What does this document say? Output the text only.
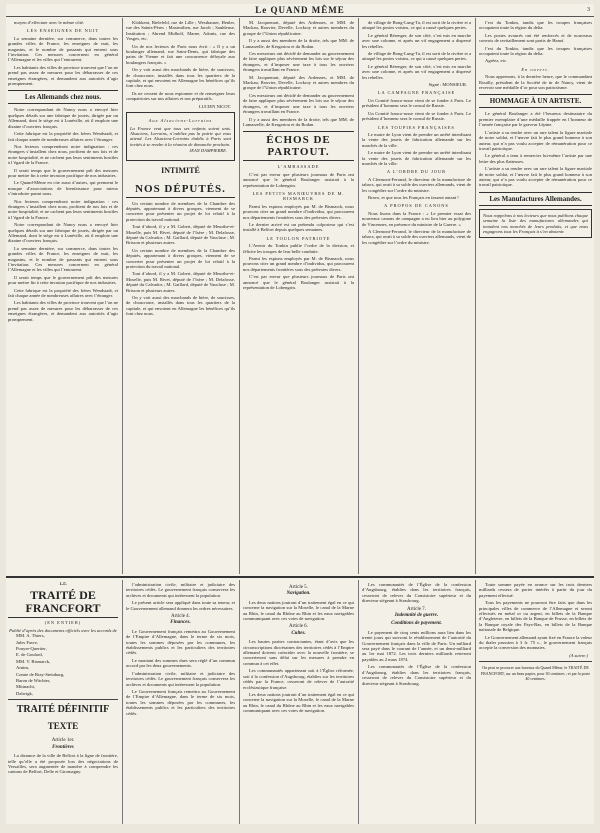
Le QUAND MÊME	3

moyen d’effectuer avec le même côté.

LES ENSEIGNES DE NUIT

La semaine dernière, sur commerce, dans toutes les grandes villes de France, les enseignes de nuit, les magasins, et le nombre de passants qui entrent sous l’invitation. Ces mesures concernent en général l’Allemagne et les villes qui l’entourent.

Les habitants des villes de province trouvent que l’on ne prend pas assez de mesures pour les débarrasser de ces enseignes étrangères, et demandent aux autorités d’agir promptement.

Les Allemands chez nous.

Notre correspondant de Nancy nous a envoyé hier quelques détails sur une fabrique de jouets, dirigée par un Allemand, dont le siège est à Lunéville, où il emploie une dizaine d’ouvriers français.

Cette fabrique est la propriété des frères Wendstadt, et fait chaque année de nombreuses affaires avec l’étranger.

Nos lecteurs comprendront notre indignation : ces étrangers s’installent chez nous, profitent de nos lois et de notre hospitalité, et ne cachent pas leurs sentiments hostiles à l’égard de la France.

Il serait temps que le gouvernement prît des mesures pour mettre fin à cette invasion pacifique de nos industries.

Le Quand-Même en cite aussi d’autres, qui prennent le masque d’associations de bienfaisance pour mieux s’introduire parmi nous.

Nos lecteurs comprendront notre indignation : ces étrangers s’installent chez nous, profitent de nos lois et de notre hospitalité, et ne cachent pas leurs sentiments hostiles à l’égard de la France.

Notre correspondant de Nancy nous a envoyé hier quelques détails sur une fabrique de jouets, dirigée par un Allemand, dont le siège est à Lunéville, où il emploie une dizaine d’ouvriers français.

La semaine dernière, sur commerce, dans toutes les grandes villes de France, les enseignes de nuit, les magasins, et le nombre de passants qui entrent sous l’invitation. Ces mesures concernent en général l’Allemagne et les villes qui l’entourent.

Il serait temps que le gouvernement prît des mesures pour mettre fin à cette invasion pacifique de nos industries.

Cette fabrique est la propriété des frères Wendstadt, et fait chaque année de nombreuses affaires avec l’étranger.

Les habitants des villes de province trouvent que l’on ne prend pas assez de mesures pour les débarrasser de ces enseignes étrangères, et demandent aux autorités d’agir promptement.

Klokkeni, Bielefeld, rue de Lille ; Westhauser, Henler, rue des Saints-Pères ; Maximilien, rue Jacob ; Sauhleuse, Institution ; Ahrend Midholf, Marne, Adonis, rue des Vosges, etc.

Un de nos lecteurs de Paris nous écrit : « Il y a un boulanger allemand, rue Saint-Denis, qui fabrique des pains de Vienne et fait une concurrence déloyale aux boulangers français. »

On y voit aussi des marchands de bière, de saucisses, de choucroute, installés dans tous les quartiers de la capitale, et qui envoient en Allemagne les bénéfices qu’ils font chez nous.

Ils ne cessent de nous espionner et de renseigner leurs compatriotes sur nos affaires et nos préparatifs.

LUCIEN NICOT.
Aux Alsaciens-Lorrains
La France veut que tous ses enfants soient unis. Alsaciens, Lorrains, n’oubliez pas la patrie qui vous attend. Les Alsaciens-Lorrains établis à Paris sont invités à se rendre à la réunion de dimanche prochain.
JEAN DAMPIERRE.
INTIMITÉ
NOS DÉPUTÉS.

Un certain nombre de membres de la Chambre des députés, appartenant à divers groupes, viennent de se concerter pour présenter un projet de loi relatif à la protection du travail national.

Tout d’abord, il y a M. Gobert, député de Meurthe-et-Moselle, puis M. Rivet, député de l’Isère ; M. Delafosse, député du Calvados ; M. Gaillard, député de Vaucluse ; M. Brisson et plusieurs autres.

Un certain nombre de membres de la Chambre des députés, appartenant à divers groupes, viennent de se concerter pour présenter un projet de loi relatif à la protection du travail national.

Tout d’abord, il y a M. Gobert, député de Meurthe-et-Moselle, puis M. Rivet, député de l’Isère ; M. Delafosse, député du Calvados ; M. Gaillard, député de Vaucluse ; M. Brisson et plusieurs autres.

On y voit aussi des marchands de bière, de saucisses, de choucroute, installés dans tous les quartiers de la capitale, et qui envoient en Allemagne les bénéfices qu’ils font chez nous.

M. Jacquemart, député des Ardennes, et MM. de Mackau, Rouvier, Develle, Lockroy et autres membres du groupe de l’Union républicaine.

Il y a aussi des membres de la droite, tels que MM. de Lamarzelle, de Kergariou et du Bodan.

Ces messieurs ont décidé de demander au gouvernement de faire appliquer plus sévèrement les lois sur le séjour des étrangers, et d’imposer une taxe à tous les ouvriers étrangers travaillant en France.

M. Jacquemart, député des Ardennes, et MM. de Mackau, Rouvier, Develle, Lockroy et autres membres du groupe de l’Union républicaine.

Ces messieurs ont décidé de demander au gouvernement de faire appliquer plus sévèrement les lois sur le séjour des étrangers, et d’imposer une taxe à tous les ouvriers étrangers travaillant en France.

Il y a aussi des membres de la droite, tels que MM. de Lamarzelle, de Kergariou et du Bodan.

ÉCHOS DE PARTOUT.
L’AMBASSADE

C’est par erreur que plusieurs journaux de Paris ont annoncé que le général Boulanger assistait à la représentation de Lohengrin.

LES PETITS MANŒUVRES DE M. BISMARCK

Parmi les espions employés par M. de Bismarck, nous pouvons citer un grand nombre d’individus, qui parcourent nos départements frontières sous des prétextes divers.

Le dernier arrivé est un prétendu colporteur qui s’est installé à Belfort depuis quelques semaines.

LE TOULON PATRIOTE

L’Avenir du Tonkin publie l’ordre de la division, et félicite les troupes de leur belle conduite.

Parmi les espions employés par M. de Bismarck, nous pouvons citer un grand nombre d’individus, qui parcourent nos départements frontières sous des prétextes divers.

C’est par erreur que plusieurs journaux de Paris ont annoncé que le général Boulanger assistait à la représentation de Lohengrin.

de village de Bong-Lung-Ta, il est sorti de la rivière et a attaqué les postes voisins, ce qui a causé quelques pertes.

Le général Bérenger, de son côté, s’est mis en marche avec une colonne, et après un vif engagement a dispersé les rebelles.

de village de Bong-Lung-Ta, il est sorti de la rivière et a attaqué les postes voisins, ce qui a causé quelques pertes.

Le général Bérenger, de son côté, s’est mis en marche avec une colonne, et après un vif engagement a dispersé les rebelles.

Signé : MONSIEUR.
LA CAMPAGNE FRANÇAISE

Un Comité franco-russe vient de se fonder à Paris. Le président d’honneur sera le consul de Russie.

Un Comité franco-russe vient de se fonder à Paris. Le président d’honneur sera le consul de Russie.

LES TOUPIES FRANÇAISES

Le maire de Lyon vient de prendre un arrêté interdisant la vente des jouets de fabrication allemande sur les marchés de la ville.

Le maire de Lyon vient de prendre un arrêté interdisant la vente des jouets de fabrication allemande sur les marchés de la ville.

A L’ORDRE DU JOUR

A Clermont-Ferrand, le directeur de la manufacture de tabacs, qui avait à sa solde des ouvriers allemands, vient de les congédier sur l’ordre du ministre.

Bravo, et que tous les Français en fassent autant !

A PROPOS DE CANONS

Nous lisons dans la France : « Le premier essai des nouveaux canons de campagne a eu lieu hier au polygone de Vincennes, en présence du ministre de la Guerre. »

A Clermont-Ferrand, le directeur de la manufacture de tabacs, qui avait à sa solde des ouvriers allemands, vient de les congédier sur l’ordre du ministre.

l’est du Tonkin, tandis que les troupes françaises occupaient toute la région du delta.

Les postes avancés ont été renforcés et de nouveaux convois de ravitaillement sont partis de Hanoï.

l’est du Tonkin, tandis que les troupes françaises occupaient toute la région du delta.

Agréez, etc.

En ouvert.

Nous apprenons, à la dernière heure, que le commandant Rouilly, président de la Société de tir de Nancy, vient de recevoir une médaille d’or pour son patriotisme.

HOMMAGE À UN ARTISTE.

Le général Boulanger a été l’heureux destinataire du premier exemplaire d’une médaille frappée en l’honneur de l’armée française par le graveur Lépine.

L’artiste a su rendre avec un rare talent la figure martiale de notre soldat, et l’œuvre fait le plus grand honneur à son auteur, qui n’a pas voulu accepter de rémunération pour ce travail patriotique.

Le général a tenu à remercier lui-même l’artiste par une lettre des plus flatteuses.

L’artiste a su rendre avec un rare talent la figure martiale de notre soldat, et l’œuvre fait le plus grand honneur à son auteur, qui n’a pas voulu accepter de rémunération pour ce travail patriotique.

Les Manufactures Allemandes.
Nous rappelons à nos lecteurs que nous publions chaque semaine la liste des manufactures allemandes qui inondent nos marchés de leurs produits, et que nous engageons tous les Français à s’en abstenir.
LE
TRAITÉ DE FRANCFORT
(EN ENTIER)
Publié d’après des documents officiels avec les accords de

MM. A. Thiers,

Jules Favre,

Pouyer-Quertier,

E. de Goulard,

MM. V. Bismarck,

Arnim,

Comte de Bray-Steinburg,

Baron de Wächter,

Mittnacht,

Dalwigk,

TRAITÉ DÉFINITIF
TEXTE
Article 1er.
Frontières

La distance de la ville de Belfort à la ligne de frontière, telle qu’elle a été proposée lors des négociations de Versailles, sera augmentée de manière à comprendre les cantons de Belfort, Delle et Giromagny.

l’administration civile, militaire et judiciaire des territoires cédés. Le gouvernement français conservera les archives et documents qui intéressent la population.

Le présent article sera appliqué dans toute sa teneur, et le Gouvernement allemand donnera les ordres nécessaires.

Article 4.
Finances.

Le Gouvernement français remettra au Gouvernement de l’Empire d’Allemagne, dans le terme de six mois, toutes les sommes déposées par les communes, les établissements publics et les particuliers des territoires cédés.

Le montant des sommes dues sera réglé d’un commun accord par les deux gouvernements.

l’administration civile, militaire et judiciaire des territoires cédés. Le gouvernement français conservera les archives et documents qui intéressent la population.

Le Gouvernement français remettra au Gouvernement de l’Empire d’Allemagne, dans le terme de six mois, toutes les sommes déposées par les communes, les établissements publics et les particuliers des territoires cédés.

Article 5.
Navigation.

Les deux nations jouiront d’un traitement égal en ce qui concerne la navigation sur la Moselle, le canal de la Marne au Rhin, le canal du Rhône au Rhin et les eaux navigables communiquant avec ces voies de navigation.

Article 6.
Cultes.

Les hautes parties contractantes, étant d’avis que les circonscriptions diocésaines des territoires cédés à l’Empire allemand doivent coïncider avec la nouvelle frontière, se concerteront sans délai sur les mesures à prendre en commun à cet effet.

Les communautés appartenant soit à l’Église réformée, soit à la confession d’Augsbourg, établies sur les territoires cédés par la France, cesseront de relever de l’autorité ecclésiastique française.

Les deux nations jouiront d’un traitement égal en ce qui concerne la navigation sur la Moselle, le canal de la Marne au Rhin, le canal du Rhône au Rhin et les eaux navigables communiquant avec ces voies de navigation.

Les communautés de l’Église de la confession d’Augsbourg, établies dans les territoires français, cesseront de relever du Consistoire supérieur et du directeur siégeant à Strasbourg.

Article 7.
Indemnité de guerre.
Conditions de payement.

Le payement de cinq cents millions aura lieu dans les trente jours qui suivront le rétablissement de l’autorité du Gouvernement français dans la ville de Paris. Un milliard sera payé dans le courant de l’année, et un demi-milliard au 1er mai 1872. Les trois derniers milliards resteront payables au 2 mars 1874.

Les communautés de l’Église de la confession d’Augsbourg, établies dans les territoires français, cesseront de relever du Consistoire supérieur et du directeur siégeant à Strasbourg.

Toute somme payée en avance sur les trois derniers milliards cessera de porter intérêts à partir du jour du payement effectué.

Tous les payements ne pourront être faits que dans les principales villes de commerce de l’Allemagne et seront effectués en métal or ou argent, en billets de la Banque d’Angleterre, en billets de la Banque de Prusse, en billets de la Banque royale des Pays-Bas, en billets de la Banque nationale de Belgique.

Le Gouvernement allemand ayant fixé en France la valeur du thaler prussien à 3 fr. 75 c., le gouvernement français accepte la conversion des monnaies.

(A suivre.)
On peut se procurer aux bureaux du Quand Même, le TRAITÉ DE FRANCFORT, sur un beau papier, pour 30 centimes ; et par la poste 40 centimes.
